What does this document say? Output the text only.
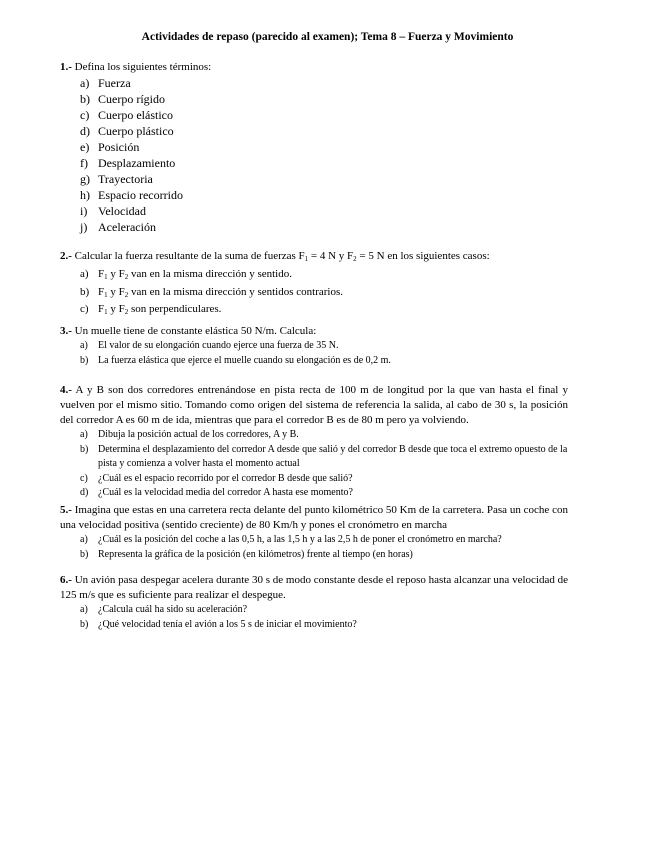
Actividades de repaso (parecido al examen); Tema 8 – Fuerza y Movimiento
1.- Defina los siguientes términos:
a) Fuerza
b) Cuerpo rígido
c) Cuerpo elástico
d) Cuerpo plástico
e) Posición
f) Desplazamiento
g) Trayectoria
h) Espacio recorrido
i) Velocidad
j) Aceleración
2.- Calcular la fuerza resultante de la suma de fuerzas $F_1 = 4$ N y $F_2 = 5$ N en los siguientes casos:
a) $F_1$ y $F_2$ van en la misma dirección y sentido.
b) $F_1$ y $F_2$ van en la misma dirección y sentidos contrarios.
c) $F_1$ y $F_2$ son perpendiculares.
3.- Un muelle tiene de constante elástica 50 N/m. Calcula:
a) El valor de su elongación cuando ejerce una fuerza de 35 N.
b) La fuerza elástica que ejerce el muelle cuando su elongación es de 0,2 m.
4.- A y B son dos corredores entrenándose en pista recta de 100 m de longitud por la que van hasta el final y vuelven por el mismo sitio. Tomando como origen del sistema de referencia la salida, al cabo de 30 s, la posición del corredor A es 60 m de ida, mientras que para el corredor B es de 80 m pero ya volviendo.
a) Dibuja la posición actual de los corredores, A y B.
b) Determina el desplazamiento del corredor A desde que salió y del corredor B desde que toca el extremo opuesto de la pista y comienza a volver hasta el momento actual
c) ¿Cuál es el espacio recorrido por el corredor B desde que salió?
d) ¿Cuál es la velocidad media del corredor A hasta ese momento?
5.- Imagina que estas en una carretera recta delante del punto kilométrico 50 Km de la carretera. Pasa un coche con una velocidad positiva (sentido creciente) de 80 Km/h y pones el cronómetro en marcha
a) ¿Cuál es la posición del coche a las 0,5 h, a las 1,5 h y a las 2,5 h de poner el cronómetro en marcha?
b) Representa la gráfica de la posición (en kilómetros) frente al tiempo (en horas)
6.- Un avión pasa despegar acelera durante 30 s de modo constante desde el reposo hasta alcanzar una velocidad de 125 m/s que es suficiente para realizar el despegue.
a) ¿Calcula cuál ha sido su aceleración?
b) ¿Qué velocidad tenía el avión a los 5 s de iniciar el movimiento?
